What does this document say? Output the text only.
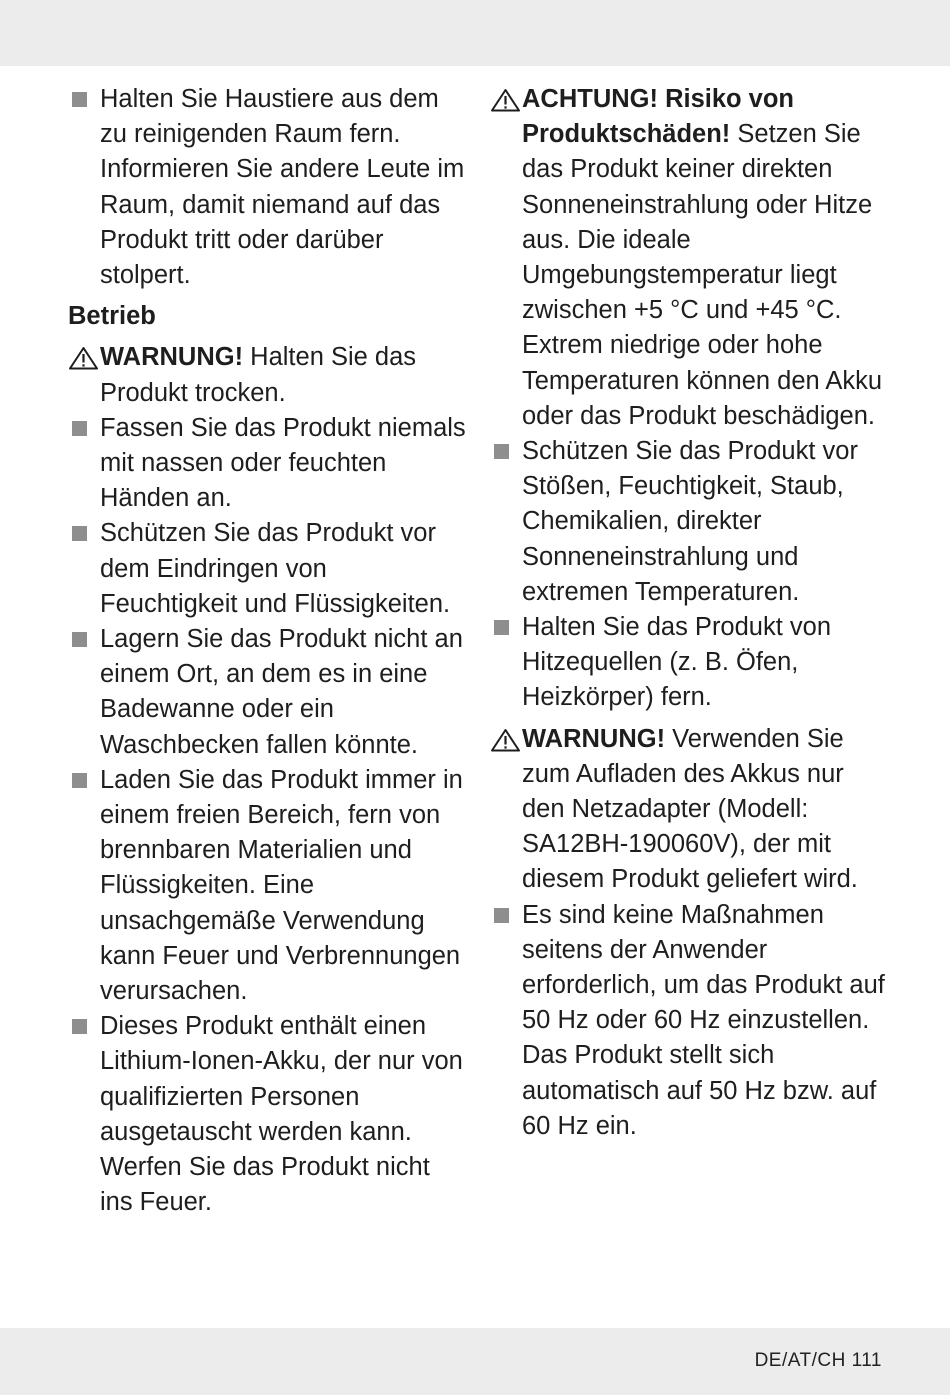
Halten Sie Haustiere aus dem zu reinigenden Raum fern. Informieren Sie andere Leute im Raum, damit niemand auf das Produkt tritt oder darüber stolpert.
Betrieb
WARNUNG! Halten Sie das Produkt trocken.
Fassen Sie das Produkt niemals mit nassen oder feuchten Händen an.
Schützen Sie das Produkt vor dem Eindringen von Feuchtigkeit und Flüssigkeiten.
Lagern Sie das Produkt nicht an einem Ort, an dem es in eine Badewanne oder ein Waschbecken fallen könnte.
Laden Sie das Produkt immer in einem freien Bereich, fern von brennbaren Materialien und Flüssigkeiten. Eine unsachgemäße Verwendung kann Feuer und Verbrennungen verursachen.
Dieses Produkt enthält einen Lithium-Ionen-Akku, der nur von qualifizierten Personen ausgetauscht werden kann. Werfen Sie das Produkt nicht ins Feuer.
ACHTUNG! Risiko von Produktschäden! Setzen Sie das Produkt keiner direkten Sonneneinstrahlung oder Hitze aus. Die ideale Umgebungstemperatur liegt zwischen +5 °C und +45 °C. Extrem niedrige oder hohe Temperaturen können den Akku oder das Produkt beschädigen.
Schützen Sie das Produkt vor Stößen, Feuchtigkeit, Staub, Chemikalien, direkter Sonneneinstrahlung und extremen Temperaturen.
Halten Sie das Produkt von Hitzequellen (z. B. Öfen, Heizkörper) fern.
WARNUNG! Verwenden Sie zum Aufladen des Akkus nur den Netzadapter (Modell: SA12BH-190060V), der mit diesem Produkt geliefert wird.
Es sind keine Maßnahmen seitens der Anwender erforderlich, um das Produkt auf 50 Hz oder 60 Hz einzustellen. Das Produkt stellt sich automatisch auf 50 Hz bzw. auf 60 Hz ein.
DE/AT/CH 111
